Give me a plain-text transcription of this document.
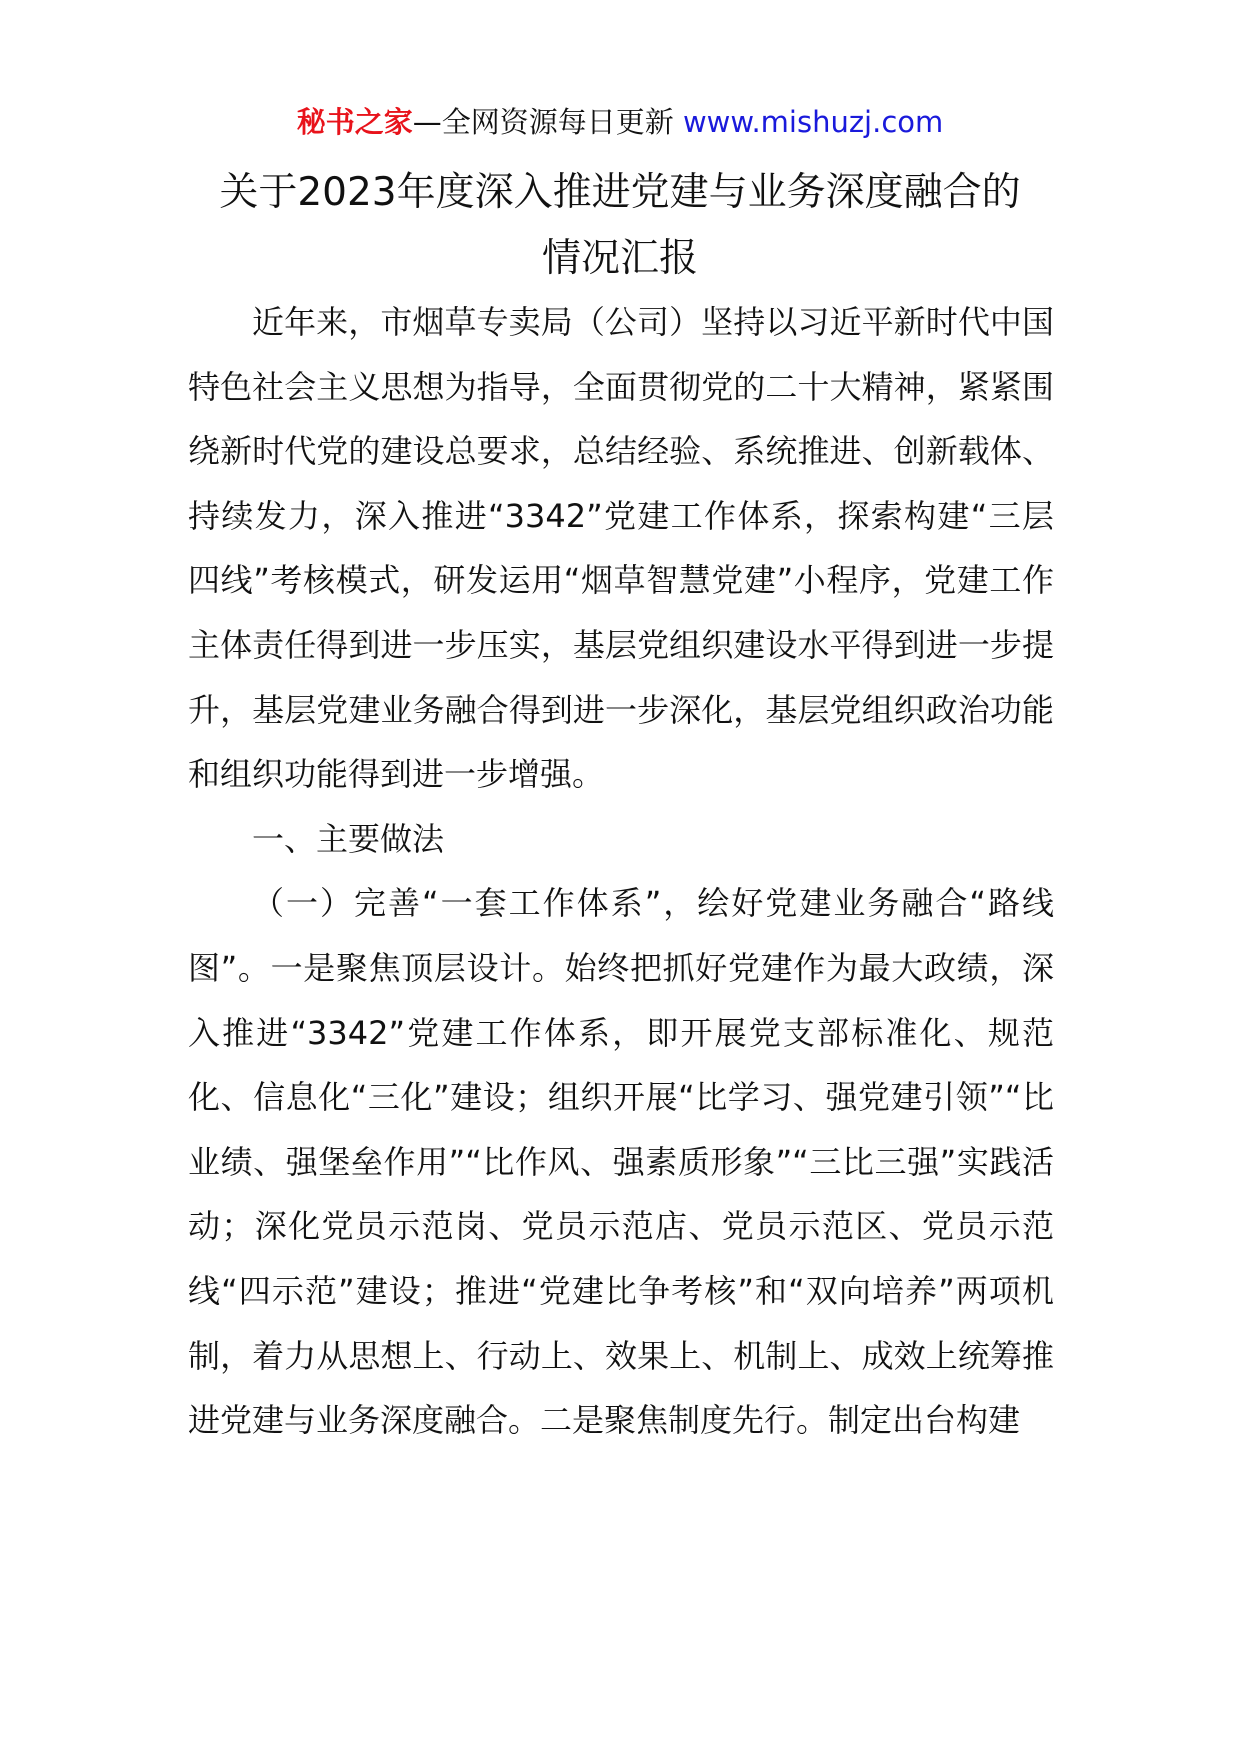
秘书之家—全网资源每日更新 www.mishuzj.com
关于2023年度深入推进党建与业务深度融合的
情况汇报

近年来，市烟草专卖局（公司）坚持以习近平新时代中国特色社会主义思想为指导，全面贯彻党的二十大精神，紧紧围绕新时代党的建设总要求，总结经验、系统推进、创新载体、持续发力，深入推进“3342”党建工作体系，探索构建“三层四线”考核模式，研发运用“烟草智慧党建”小程序，党建工作主体责任得到进一步压实，基层党组织建设水平得到进一步提升，基层党建业务融合得到进一步深化，基层党组织政治功能和组织功能得到进一步增强。

一、主要做法

（一）完善“一套工作体系”，绘好党建业务融合“路线图”。一是聚焦顶层设计。始终把抓好党建作为最大政绩，深入推进“3342”党建工作体系，即开展党支部标准化、规范化、信息化“三化”建设；组织开展“比学习、强党建引领”“比业绩、强堡垒作用”“比作风、强素质形象”“三比三强”实践活动；深化党员示范岗、党员示范店、党员示范区、党员示范线“四示范”建设；推进“党建比争考核”和“双向培养”两项机制，着力从思想上、行动上、效果上、机制上、成效上统筹推进党建与业务深度融合。二是聚焦制度先行。制定出台构建
